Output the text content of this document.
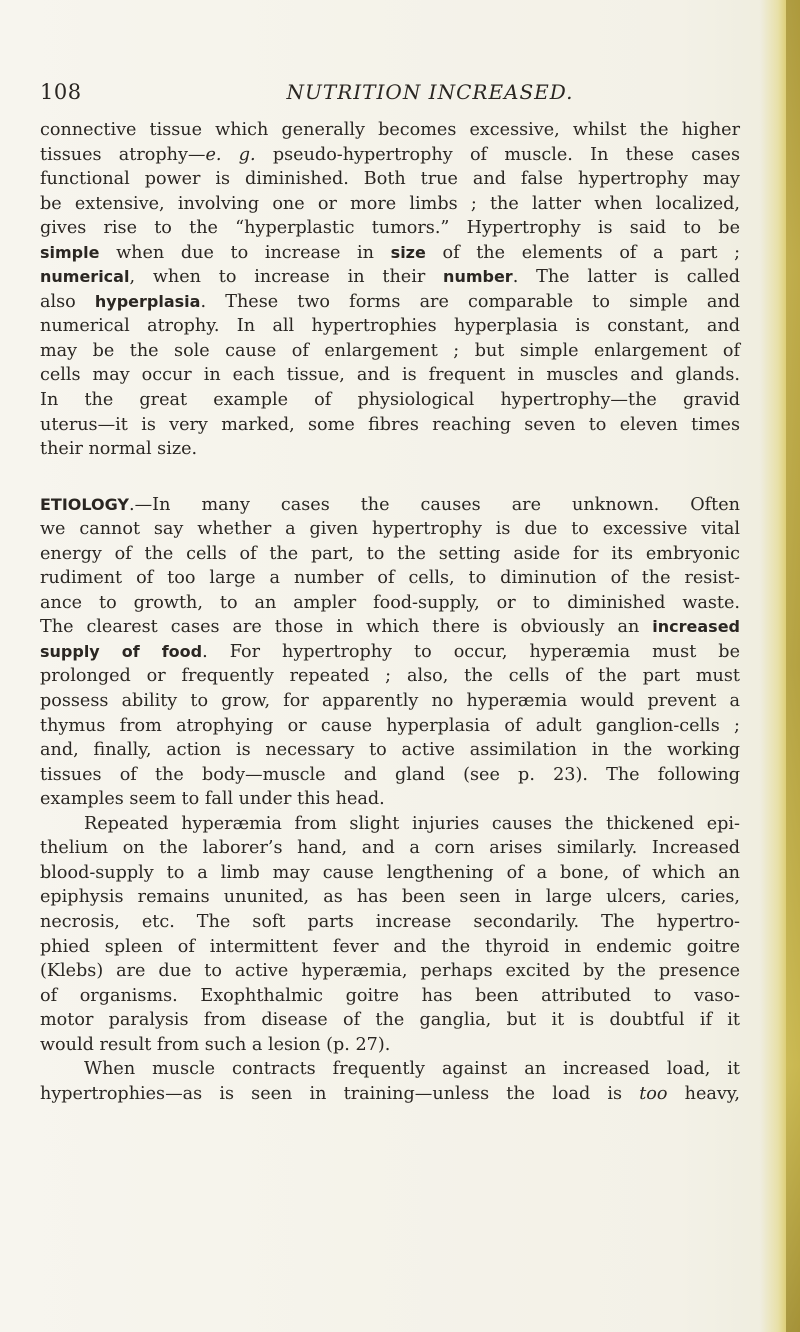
108	NUTRITION INCREASED.
connective tissue which generally becomes excessive, whilst the higher
tissues atrophy—e. g. pseudo-hypertrophy of muscle. In these cases
functional power is diminished. Both true and false hypertrophy may
be extensive, involving one or more limbs ; the latter when localized,
gives rise to the “hyperplastic tumors.” Hypertrophy is said to be
simple when due to increase in size of the elements of a part ;
numerical, when to increase in their number. The latter is called
also hyperplasia. These two forms are comparable to simple and
numerical atrophy. In all hypertrophies hyperplasia is constant, and
may be the sole cause of enlargement ; but simple enlargement of
cells may occur in each tissue, and is frequent in muscles and glands.
In the great example of physiological hypertrophy—the gravid
uterus—it is very marked, some fibres reaching seven to eleven times
their normal size.
ETIOLOGY.—In many cases the causes are unknown. Often
we cannot say whether a given hypertrophy is due to excessive vital
energy of the cells of the part, to the setting aside for its embryonic
rudiment of too large a number of cells, to diminution of the resist-
ance to growth, to an ampler food-supply, or to diminished waste.
The clearest cases are those in which there is obviously an increased
supply of food. For hypertrophy to occur, hyperæmia must be
prolonged or frequently repeated ; also, the cells of the part must
possess ability to grow, for apparently no hyperæmia would prevent a
thymus from atrophying or cause hyperplasia of adult ganglion-cells ;
and, finally, action is necessary to active assimilation in the working
tissues of the body—muscle and gland (see p. 23). The following
examples seem to fall under this head.
Repeated hyperæmia from slight injuries causes the thickened epi-
thelium on the laborer’s hand, and a corn arises similarly. Increased
blood-supply to a limb may cause lengthening of a bone, of which an
epiphysis remains ununited, as has been seen in large ulcers, caries,
necrosis, etc. The soft parts increase secondarily. The hypertro-
phied spleen of intermittent fever and the thyroid in endemic goitre
(Klebs) are due to active hyperæmia, perhaps excited by the presence
of organisms. Exophthalmic goitre has been attributed to vaso-
motor paralysis from disease of the ganglia, but it is doubtful if it
would result from such a lesion (p. 27).
When muscle contracts frequently against an increased load, it
hypertrophies—as is seen in training—unless the load is too heavy,
